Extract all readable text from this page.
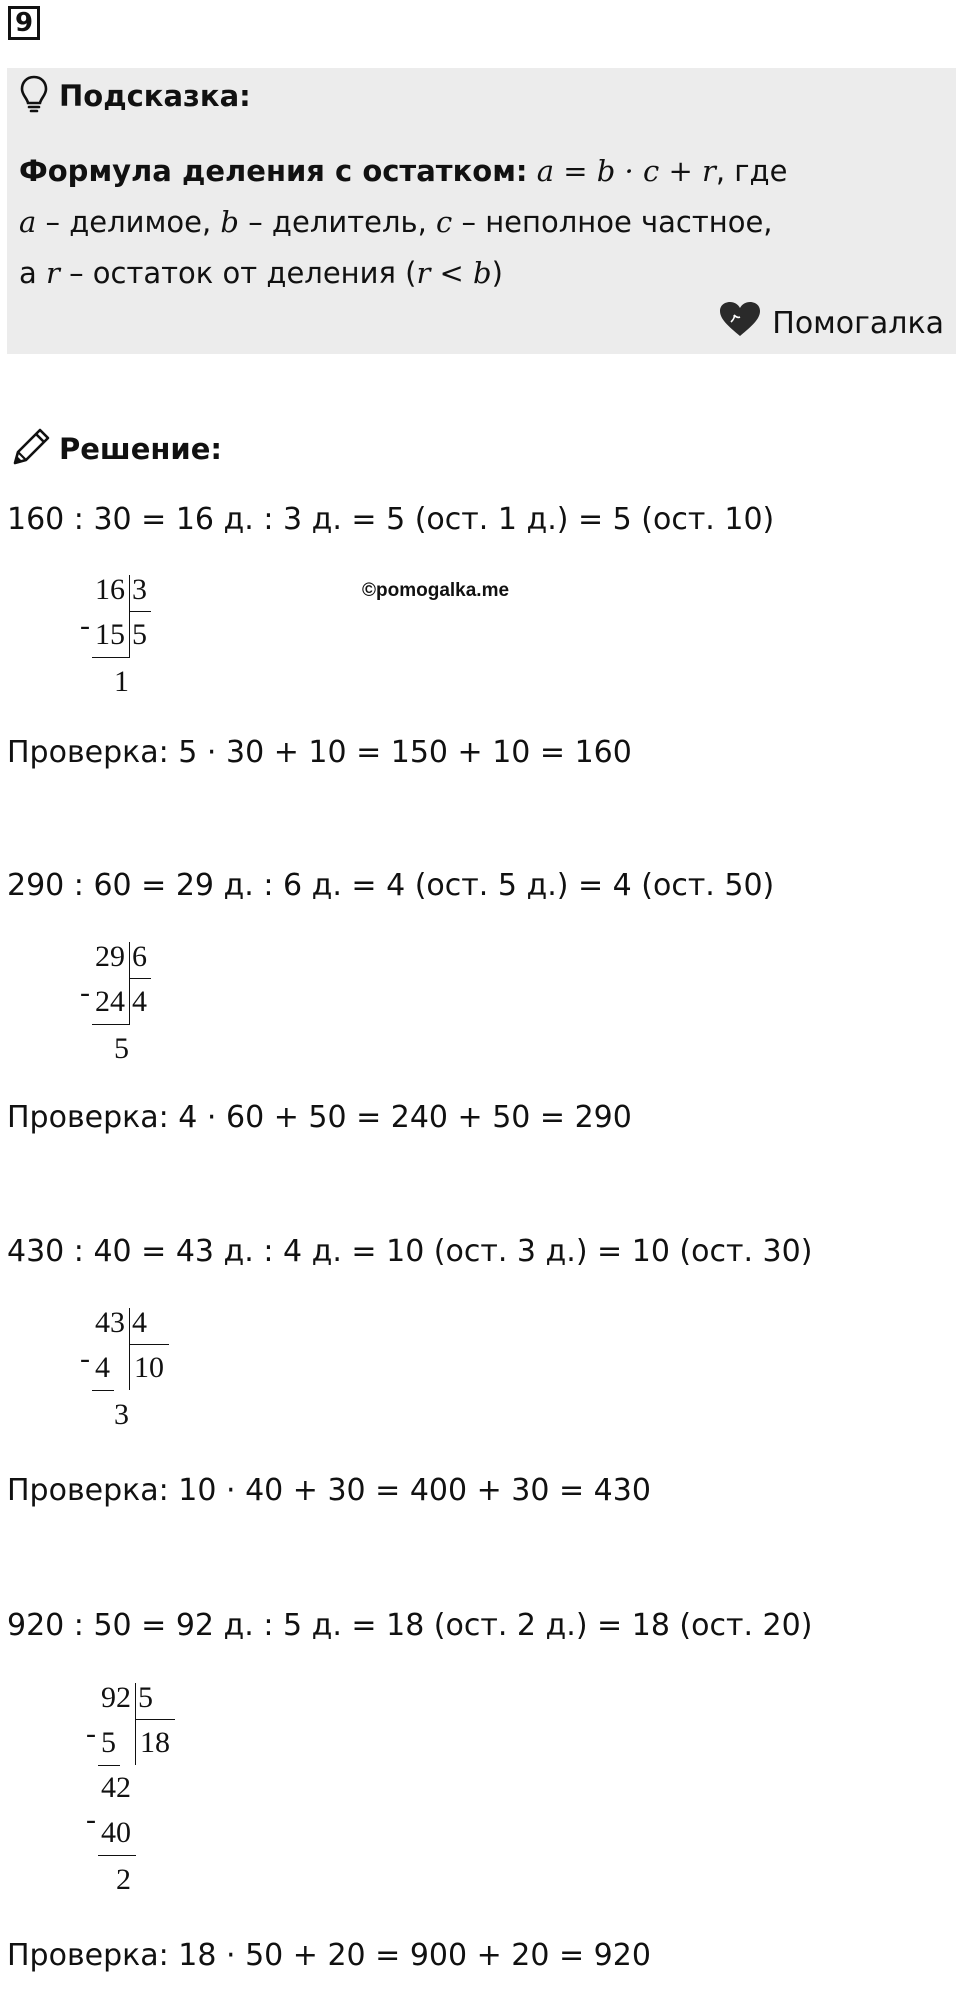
9
Подсказка:
Формула деления с остатком: a = b · c + r, где
a – делимое, b – делитель, c – неполное частное,
а r – остаток от деления (r < b)
Помогалка
Решение:
©pomogalka.me
160 : 30 = 16 д. : 3 д. = 5 (ост. 1 д.) = 5 (ост. 10)
-
16 3
15 5
1
Проверка: 5 · 30 + 10 = 150 + 10 = 160
290 : 60 = 29 д. : 6 д. = 4 (ост. 5 д.) = 4 (ост. 50)
-
29 6
24 4
5
Проверка: 4 · 60 + 50 = 240 + 50 = 290
430 : 40 = 43 д. : 4 д. = 10 (ост. 3 д.) = 10 (ост. 30)
-
43 4
4 10
3
Проверка: 10 · 40 + 30 = 400 + 30 = 430
920 : 50 = 92 д. : 5 д. = 18 (ост. 2 д.) = 18 (ост. 20)
-
92 5
5 18
42
- 40
2
Проверка: 18 · 50 + 20 = 900 + 20 = 920
